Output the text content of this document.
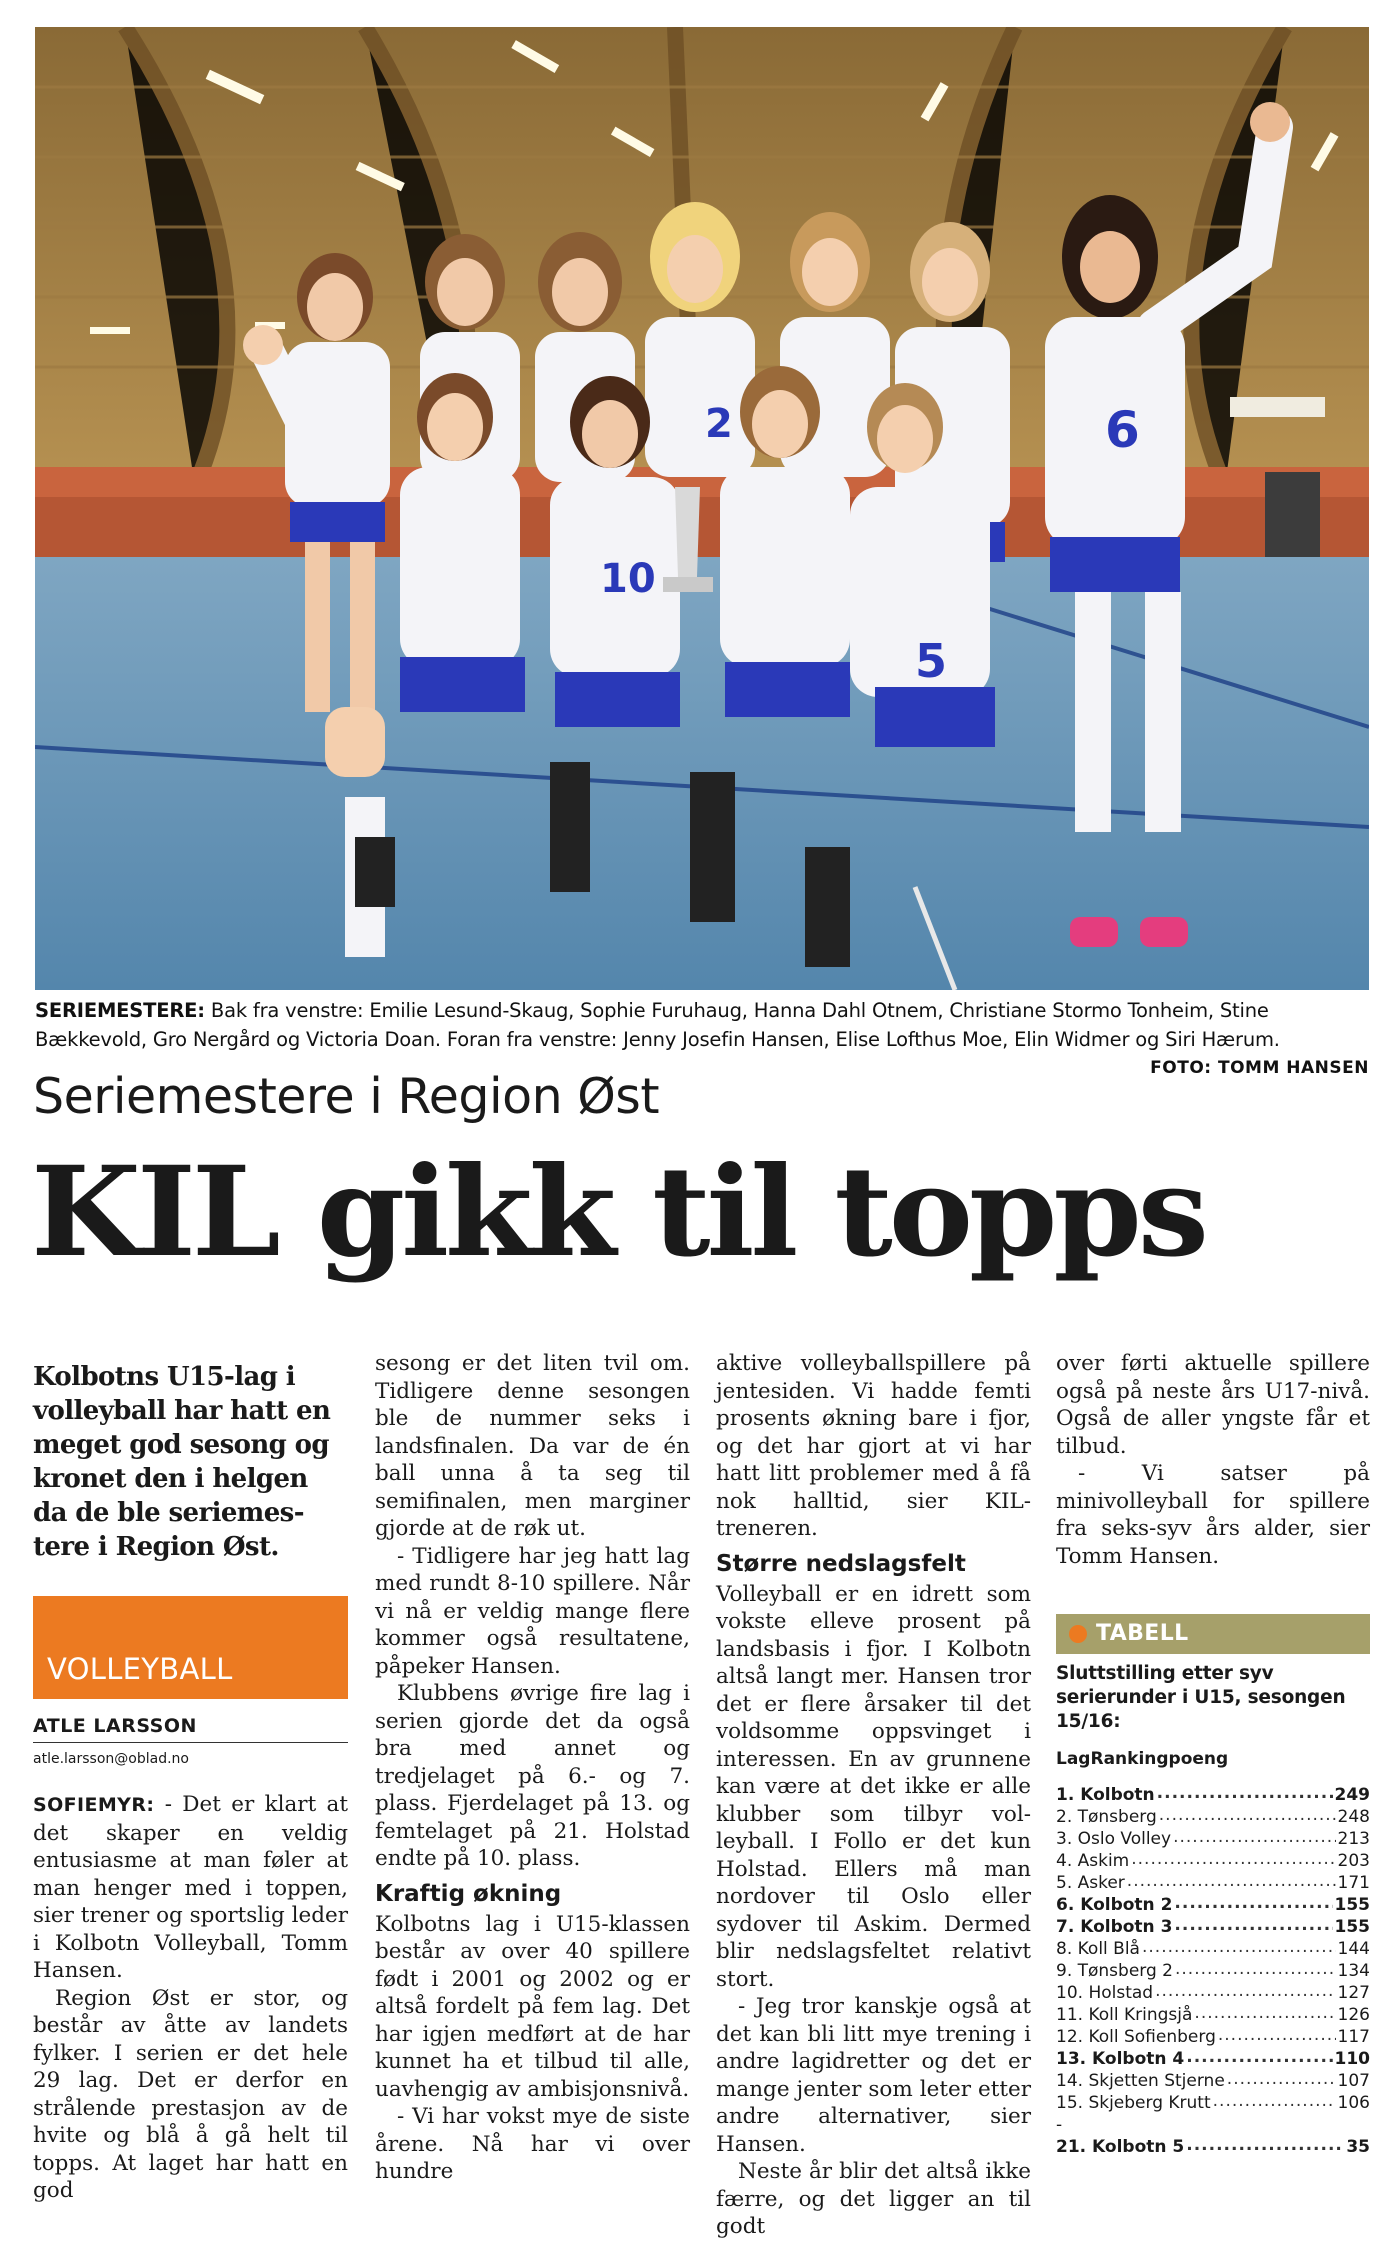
2	6
10
5
SERIEMESTERE: Bak fra venstre: Emilie Lesund-Skaug, Sophie Furuhaug, Hanna Dahl Otnem, Christiane Stormo Tonheim, Stine Bækkevold, Gro Nergård og Victoria Doan. Foran fra venstre: Jenny Josefin Hansen, Elise Lofthus Moe, Elin Widmer og Siri Hærum.
FOTO: TOMM HANSEN
Seriemestere i Region Øst
KIL gikk til topps

Kolbotns U15-lag i volleyball har hatt en meget god sesong og kronet den i helgen da de ble seriemestere i Region Øst.

VOLLEYBALL
ATLE LARSSON
atle.larsson@oblad.no

SOFIEMYR: - Det er klart at det skaper en veldig entusiasme at man føler at man henger med i toppen, sier trener og sportslig leder i Kolbotn Volleyball, Tomm Hansen.

Region Øst er stor, og består av åtte av landets fylker. I serien er det hele 29 lag. Det er derfor en strålende prestasjon av de hvite og blå å gå helt til topps. At laget har hatt en god

sesong er det liten tvil om. Tidligere denne sesongen ble de nummer seks i landsfinalen. Da var de én ball unna å ta seg til semifinalen, men marginer gjorde at de røk ut.

- Tidligere har jeg hatt lag med rundt 8-10 spillere. Når vi nå er veldig mange flere kommer også resultatene, påpeker Hansen.

Klubbens øvrige fire lag i serien gjorde det da også bra med annet og tredjelaget på 6.- og 7. plass. Fjerdelaget på 13. og femtelaget på 21. Holstad endte på 10. plass.

Kraftig økning

Kolbotns lag i U15-klassen består av over 40 spillere født i 2001 og 2002 og er altså fordelt på fem lag. Det har igjen medført at de har kunnet ha et tilbud til alle, uavhengig av ambisjonsnivå.

- Vi har vokst mye de siste årene. Nå har vi over hundre

aktive volleyballspillere på jentesiden. Vi hadde femti prosents økning bare i fjor, og det har gjort at vi har hatt litt problemer med å få nok halltid, sier KIL-treneren.

Større nedslagsfelt

Volleyball er en idrett som vokste elleve prosent på landsbasis i fjor. I Kolbotn altså langt mer. Hansen tror det er flere årsaker til det voldsomme oppsvinget i interessen. En av grunnene kan være at det ikke er alle klubber som tilbyr volleyball. I Follo er det kun Holstad. Ellers må man nordover til Oslo eller sydover til Askim. Dermed blir nedslagsfeltet relativt stort.

- Jeg tror kanskje også at det kan bli litt mye trening i andre lagidretter og det er mange jenter som leter etter andre alternativer, sier Hansen.

Neste år blir det altså ikke færre, og det ligger an til godt

over førti aktuelle spillere også på neste års U17-nivå. Også de aller yngste får et tilbud.

- Vi satser på minivolleyball for spillere fra seks-syv års alder, sier Tomm Hansen.

TABELL
Sluttstilling etter syv serierunder i U15, sesongen 15/16:
Lag Rankingpoeng
1. Kolbotn .....	249
2. Tønsberg .....	248
3. Oslo Volley .....	213
4. Askim .....	203
5. Asker .....	171
6. Kolbotn 2 .....	155
7. Kolbotn 3 .....	155
8. Koll Blå .....	144
9. Tønsberg 2 .....	134
10. Holstad .....	127
11. Koll Kringsjå .....	126
12. Koll Sofienberg .....	117
13. Kolbotn 4 .....	110
14. Skjetten Stjerne .....	107
15. Skjeberg Krutt .....	106
-
21. Kolbotn 5 .....	35
